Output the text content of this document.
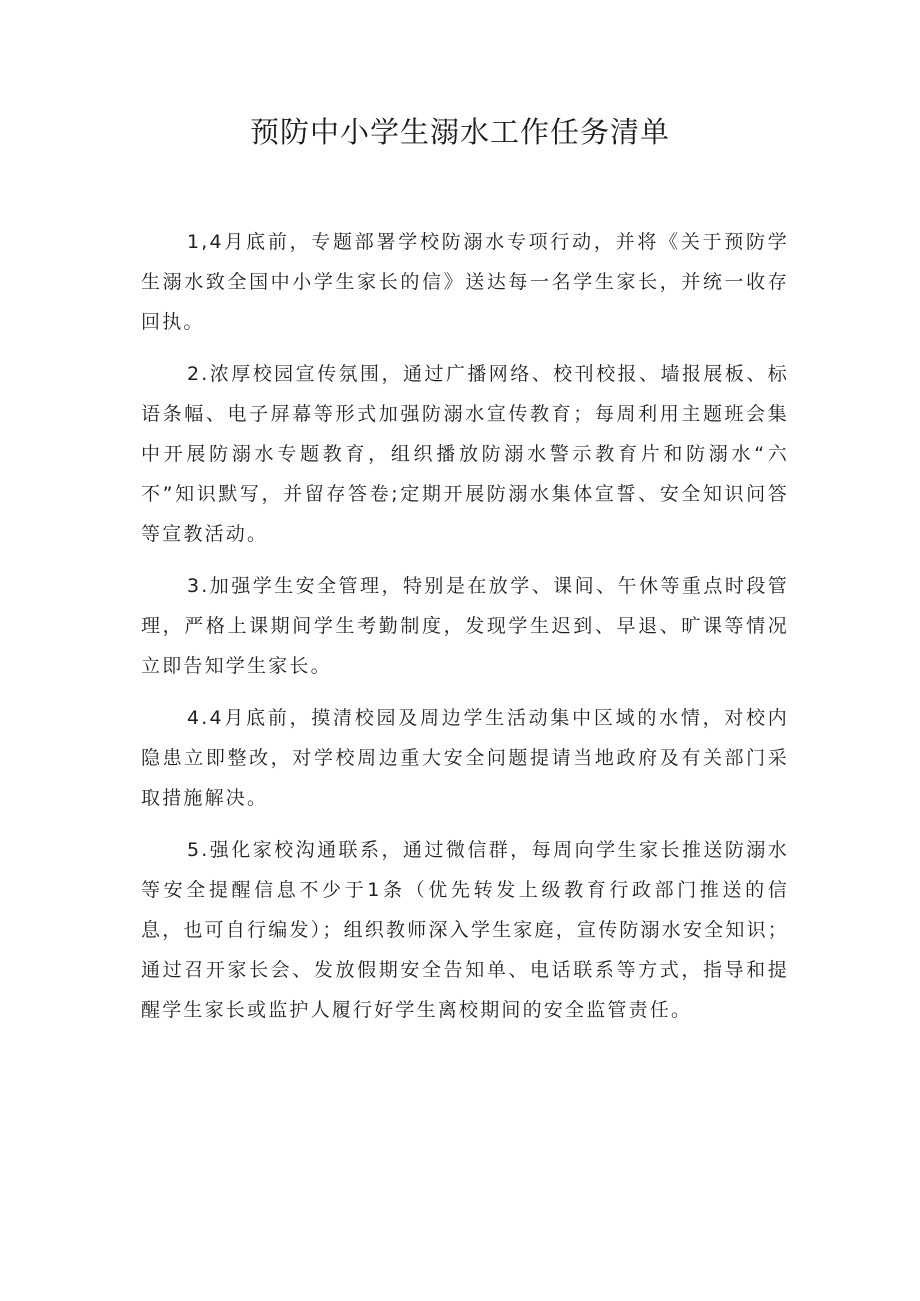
预防中小学生溺水工作任务清单

1,4月底前，专题部署学校防溺水专项行动，并将《关于预防学生溺水致全国中小学生家长的信》送达每一名学生家长，并统一收存回执。

2.浓厚校园宣传氛围，通过广播网络、校刊校报、墙报展板、标语条幅、电子屏幕等形式加强防溺水宣传教育；每周利用主题班会集中开展防溺水专题教育，组织播放防溺水警示教育片和防溺水“六不”知识默写，并留存答卷;定期开展防溺水集体宣誓、安全知识问答等宣教活动。

3.加强学生安全管理，特别是在放学、课间、午休等重点时段管理，严格上课期间学生考勤制度，发现学生迟到、早退、旷课等情况立即告知学生家长。

4.4月底前，摸清校园及周边学生活动集中区域的水情，对校内隐患立即整改，对学校周边重大安全问题提请当地政府及有关部门采取措施解决。

5.强化家校沟通联系，通过微信群，每周向学生家长推送防溺水等安全提醒信息不少于1条（优先转发上级教育行政部门推送的信息，也可自行编发）；组织教师深入学生家庭，宣传防溺水安全知识；通过召开家长会、发放假期安全告知单、电话联系等方式，指导和提醒学生家长或监护人履行好学生离校期间的安全监管责任。
